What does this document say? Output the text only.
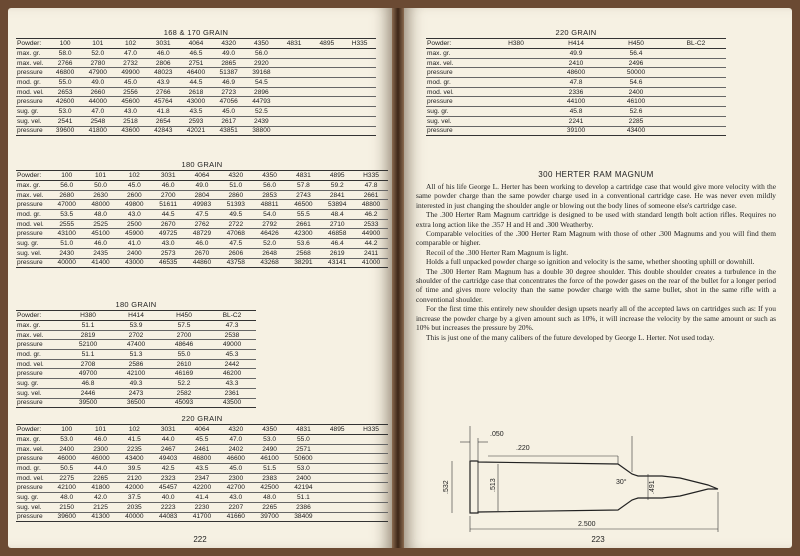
168 & 170 GRAIN
Powder:	100	101	102	3031	4064	4320	4350	4831	4895	H335
max. gr.	58.0	52.0	47.0	46.0	46.5	49.0	56.0			
max. vel.	2766	2780	2732	2806	2751	2865	2920			
pressure	46800	47900	49900	48023	46400	51387	39168			
mod. gr.	55.0	49.0	45.0	43.9	44.5	46.9	54.5			
mod. vel.	2653	2660	2556	2766	2618	2723	2896			
pressure	42600	44000	45600	45764	43000	47056	44793			
sug. gr.	53.0	47.0	43.0	41.8	43.5	45.0	52.5			
sug. vel.	2541	2548	2518	2654	2593	2617	2439			
pressure	39600	41800	43600	42843	42021	43851	38800			
180 GRAIN
Powder:	100	101	102	3031	4064	4320	4350	4831	4895	H335
max. gr.	56.0	50.0	45.0	46.0	49.0	51.0	56.0	57.8	59.2	47.8
max. vel.	2680	2630	2600	2700	2804	2860	2853	2743	2841	2661
pressure	47000	48000	49800	51611	49983	51393	48811	46500	53894	48800
mod. gr.	53.5	48.0	43.0	44.5	47.5	49.5	54.0	55.5	48.4	46.2
mod. vel.	2555	2525	2500	2670	2762	2722	2792	2661	2710	2533
pressure	43100	45100	45900	49725	48729	47068	46426	42300	46858	44900
sug. gr.	51.0	46.0	41.0	43.0	46.0	47.5	52.0	53.6	46.4	44.2
sug. vel.	2430	2435	2400	2573	2670	2606	2648	2568	2619	2411
pressure	40000	41400	43000	46535	44860	43758	43268	38291	43141	41000
180 GRAIN
Powder:	H380	H414	H450	BL-C2
max. gr.	51.1	53.9	57.5	47.3
max. vel.	2819	2702	2700	2538
pressure	52100	47400	48646	49000
mod. gr.	51.1	51.3	55.0	45.3
mod. vel.	2708	2586	2610	2442
pressure	49700	42100	46169	46200
sug. gr.	46.8	49.3	52.2	43.3
sug. vel.	2446	2473	2582	2361
pressure	39500	36500	45093	43500
220 GRAIN
Powder:	100	101	102	3031	4064	4320	4350	4831	4895	H335
max. gr.	53.0	46.0	41.5	44.0	45.5	47.0	53.0	55.0		
max. vel.	2400	2300	2235	2467	2461	2402	2490	2571		
pressure	46000	46000	43400	49403	46800	46600	46100	50600		
mod. gr.	50.5	44.0	39.5	42.5	43.5	45.0	51.5	53.0		
mod. vel.	2275	2265	2120	2323	2347	2300	2383	2400		
pressure	42100	41800	42000	45457	42200	42700	42500	42194		
sug. gr.	48.0	42.0	37.5	40.0	41.4	43.0	48.0	51.1		
sug. vel.	2150	2125	2035	2223	2230	2207	2265	2386		
pressure	39600	41300	40000	44083	41700	41660	39700	38409		
222
220 GRAIN
Powder:	H380	H414	H450	BL-C2
max. gr.		49.9	56.4	
max. vel.		2410	2496	
pressure		48600	50000	
mod. gr.		47.8	54.6	
mod. vel.		2336	2400	
pressure		44100	46100	
sug. gr.		45.8	52.6	
sug. vel.		2241	2285	
pressure		39100	43400	
300 HERTER RAM MAGNUM

All of his life George L. Herter has been working to develop a cartridge case that would give more velocity with the same powder charge than the same powder charge used in a conventional cartridge case. He was never even mildly interested in just changing the shoulder angle or blowing out the body lines of someone else's cartridge case.

The .300 Herter Ram Magnum cartridge is designed to be used with standard length bolt action rifles. Requires no extra long action like the .357 H and H and .300 Weatherby.

Comparable velocities of the .300 Herter Ram Magnum with those of other .300 Magnums and you will find them comparable or higher.

Recoil of the .300 Herter Ram Magnum is light.

Holds a full unpacked powder charge so ignition and velocity is the same, whether shooting uphill or downhill.

The .300 Herter Ram Magnum has a double 30 degree shoulder. This double shoulder creates a turbulence in the shoulder of the cartridge case that concentrates the force of the powder gases on the rear of the bullet for a longer period of time and gives more velocity than the same powder charge with the same bullet, shot in the same rifle with a conventional shoulder.

For the first time this entirely new shoulder design upsets nearly all of the accepted laws on cartridges such as: If you increase the powder charge by a given amount such as 10%, it will increase the velocity by the same amount or such as 10% but increases the pressure by 20%.

This is just one of the many calibers of the future developed by George L. Herter. Not used today.

.050
.220
30°	.491
.532	.513
2.500
223
